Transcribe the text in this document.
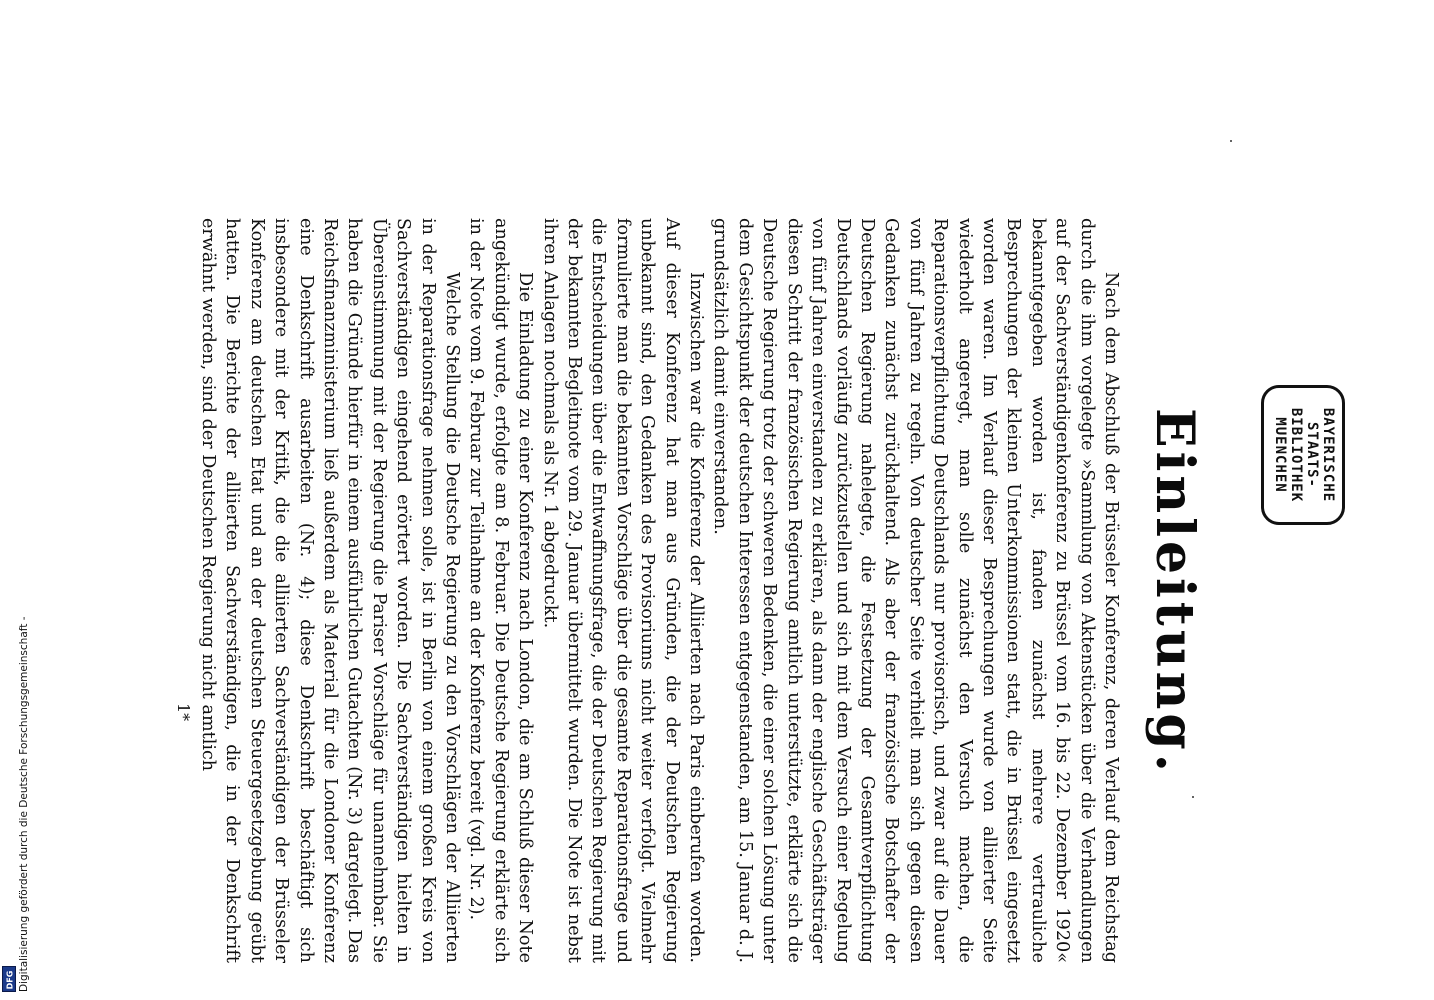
Einleitung.

Nach dem Abschluß der Brüsseler Konferenz, deren Verlauf dem Reichstag durch die ihm vorgelegte »Sammlung von Aktenstücken über die Verhandlungen auf der Sachverständigenkonferenz zu Brüssel vom 16. bis 22. Dezember 1920« bekanntgegeben worden ist, fanden zunächst mehrere vertrauliche Besprechungen der kleinen Unterkommissionen statt, die in Brüssel eingesetzt worden waren. Im Verlauf dieser Besprechungen wurde von alliierter Seite wiederholt angeregt, man solle zunächst den Versuch machen, die Reparationsverpflichtung Deutschlands nur provisorisch, und zwar auf die Dauer von fünf Jahren zu regeln. Von deutscher Seite verhielt man sich gegen diesen Gedanken zunächst zurückhaltend. Als aber der französische Botschafter der Deutschen Regierung nahelegte, die Festsetzung der Gesamtverpflichtung Deutschlands vorläufig zurückzustellen und sich mit dem Versuch einer Regelung von fünf Jahren einverstanden zu erklären, als dann der englische Geschäftsträger diesen Schritt der französischen Regierung amtlich unterstützte, erklärte sich die Deutsche Regierung trotz der schweren Bedenken, die einer solchen Lösung unter dem Gesichtspunkt der deutschen Interessen entgegenstanden, am 15. Januar d. J. grundsätzlich damit einverstanden.

Inzwischen war die Konferenz der Alliierten nach Paris einberufen worden. Auf dieser Konferenz hat man aus Gründen, die der Deutschen Regierung unbekannt sind, den Gedanken des Provisoriums nicht weiter verfolgt. Vielmehr formulierte man die bekannten Vorschläge über die gesamte Reparationsfrage und die Entscheidungen über die Entwaffnungsfrage, die der Deutschen Regierung mit der bekannten Begleitnote vom 29. Januar übermittelt wurden. Die Note ist nebst ihren Anlagen nochmals als Nr. 1 abgedruckt.

Die Einladung zu einer Konferenz nach London, die am Schluß dieser Note angekündigt wurde, erfolgte am 8. Februar. Die Deutsche Regierung erklärte sich in der Note vom 9. Februar zur Teilnahme an der Konferenz bereit (vgl. Nr. 2).

Welche Stellung die Deutsche Regierung zu den Vorschlägen der Alliierten in der Reparationsfrage nehmen solle, ist in Berlin von einem großen Kreis von Sachverständigen eingehend erörtert worden. Die Sachverständigen hielten in Übereinstimmung mit der Regierung die Pariser Vorschläge für unannehmbar. Sie haben die Gründe hierfür in einem ausführlichen Gutachten (Nr. 3) dargelegt. Das Reichsfinanzministerium ließ außerdem als Material für die Londoner Konferenz eine Denkschrift ausarbeiten (Nr. 4); diese Denkschrift beschäftigt sich insbesondere mit der Kritik, die die alliierten Sachverständigen der Brüsseler Konferenz am deutschen Etat und an der deutschen Steuergesetzgebung geübt hatten. Die Berichte der alliierten Sachverständigen, die in der Denkschrift erwähnt werden, sind der Deutschen Regierung nicht amtlich

1*
BAYERISCHE
STAATS-
BIBLIOTHEK
MUENCHEN
Digitalisierung gefördert durch die Deutsche Forschungsgemeinschaft -
DFG
